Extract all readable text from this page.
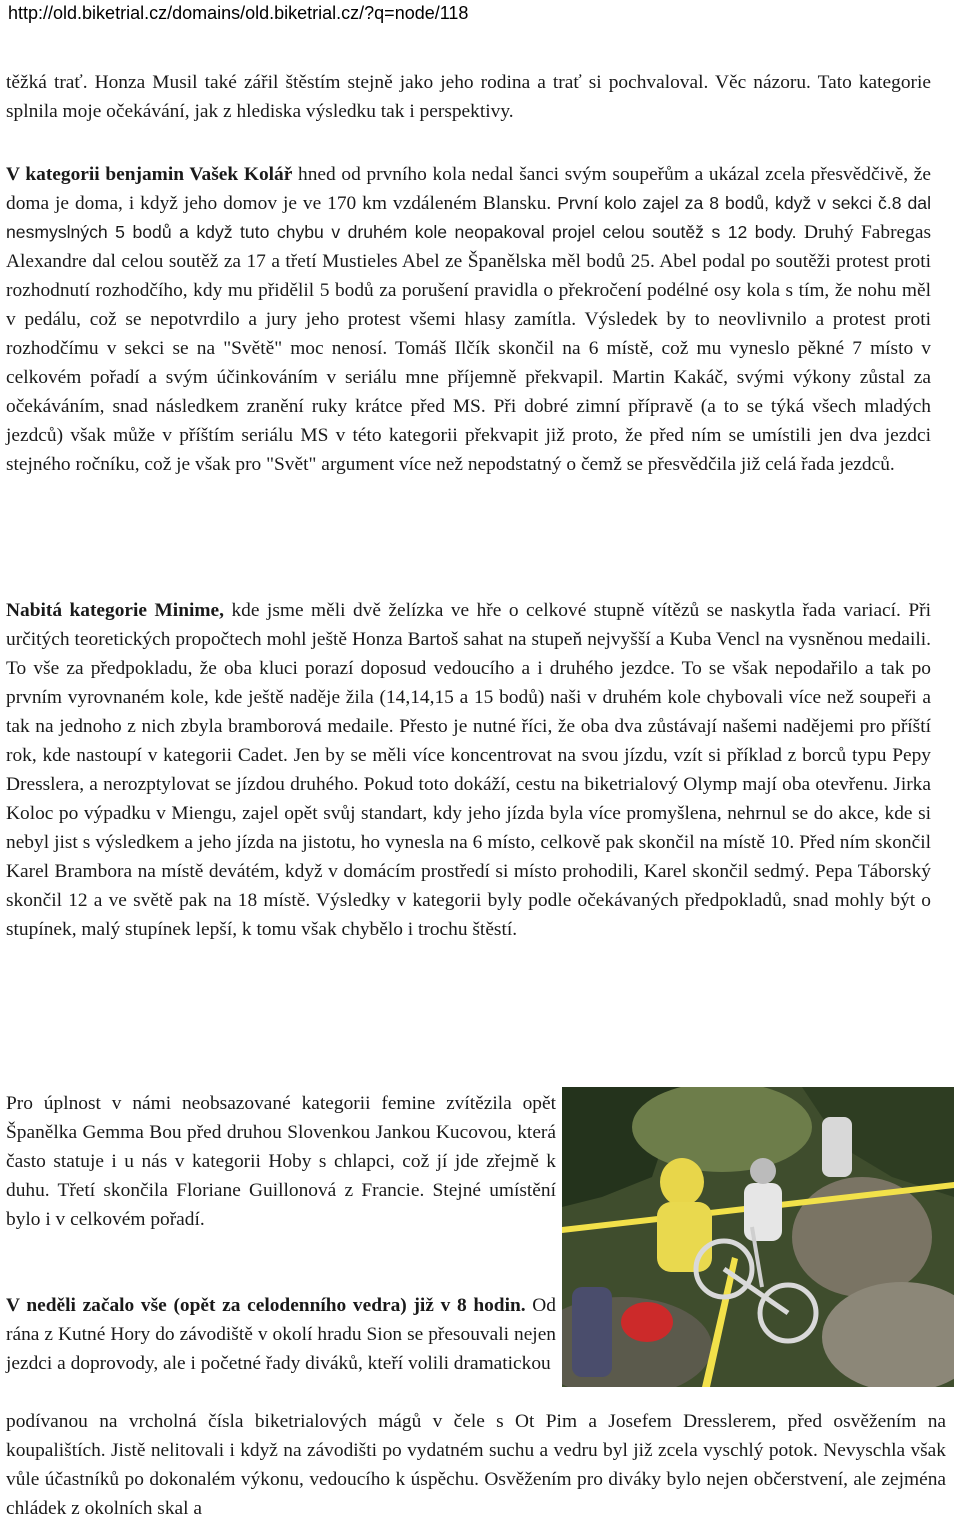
http://old.biketrial.cz/domains/old.biketrial.cz/?q=node/118

těžká trať. Honza Musil také zářil štěstím stejně jako jeho rodina a trať si pochvaloval. Věc názoru. Tato kategorie splnila moje očekávání, jak z hlediska výsledku tak i perspektivy.

V kategorii benjamin Vašek Kolář hned od prvního kola nedal šanci svým soupeřům a ukázal zcela přesvědčivě, že doma je doma, i když jeho domov je ve 170 km vzdáleném Blansku. První kolo zajel za 8 bodů, když v sekci č.8 dal nesmyslných 5 bodů a když tuto chybu v druhém kole neopakoval projel celou soutěž s 12 body. Druhý Fabregas Alexandre dal celou soutěž za 17 a třetí Mustieles Abel ze Španělska měl bodů 25. Abel podal po soutěži protest proti rozhodnutí rozhodčího, kdy mu přidělil 5 bodů za porušení pravidla o překročení podélné osy kola s tím, že nohu měl v pedálu, což se nepotvrdilo a jury jeho protest všemi hlasy zamítla. Výsledek by to neovlivnilo a protest proti rozhodčímu v sekci se na "Světě" moc nenosí. Tomáš Ilčík skončil na 6 místě, což mu vyneslo pěkné 7 místo v celkovém pořadí a svým účinkováním v seriálu mne příjemně překvapil. Martin Kakáč, svými výkony zůstal za očekáváním, snad následkem zranění ruky krátce před MS. Při dobré zimní přípravě (a to se týká všech mladých jezdců) však může v příštím seriálu MS v této kategorii překvapit již proto, že před ním se umístili jen dva jezdci stejného ročníku, což je však pro "Svět" argument více než nepodstatný o čemž se přesvědčila již celá řada jezdců.

Nabitá kategorie Minime, kde jsme měli dvě želízka ve hře o celkové stupně vítězů se naskytla řada variací. Při určitých teoretických propočtech mohl ještě Honza Bartoš sahat na stupeň nejvyšší a Kuba Vencl na vysněnou medaili. To vše za předpokladu, že oba kluci porazí doposud vedoucího a i druhého jezdce. To se však nepodařilo a tak po prvním vyrovnaném kole, kde ještě naděje žila (14,14,15 a 15 bodů) naši v druhém kole chybovali více než soupeři a tak na jednoho z nich zbyla bramborová medaile. Přesto je nutné říci, že oba dva zůstávají našemi nadějemi pro příští rok, kde nastoupí v kategorii Cadet. Jen by se měli více koncentrovat na svou jízdu, vzít si příklad z borců typu Pepy Dresslera, a nerozptylovat se jízdou druhého. Pokud toto dokáží, cestu na biketrialový Olymp mají oba otevřenu. Jirka Koloc po výpadku v Miengu, zajel opět svůj standart, kdy jeho jízda byla více promyšlena, nehrnul se do akce, kde si nebyl jist s výsledkem a jeho jízda na jistotu, ho vynesla na 6 místo, celkově pak skončil na místě 10. Před ním skončil Karel Brambora na místě devátém, když v domácím prostředí si místo prohodili, Karel skončil sedmý. Pepa Táborský skončil 12 a ve světě pak na 18 místě. Výsledky v kategorii byly podle očekávaných předpokladů, snad mohly být o stupínek, malý stupínek lepší, k tomu však chybělo i trochu štěstí.

Pro úplnost v námi neobsazované kategorii femine zvítězila opět Španělka Gemma Bou před druhou Slovenkou Jankou Kucovou, která často statuje i u nás v kategorii Hoby s chlapci, což jí jde zřejmě k duhu. Třetí skončila Floriane Guillonová z Francie. Stejné umístění bylo i v celkovém pořadí.

V neděli začalo vše (opět za celodenního vedra) již v 8 hodin. Od rána z Kutné Hory do závodiště v okolí hradu Sion se přesouvali nejen jezdci a doprovody, ale i početné řady diváků, kteří volili dramatickou

podívanou na vrcholná čísla biketrialových mágů v čele s Ot Pim a Josefem Dresslerem, před osvěžením na koupalištích. Jistě nelitovali i když na závodišti po vydatném suchu a vedru byl již zcela vyschlý potok. Nevyschla však vůle účastníků po dokonalém výkonu, vedoucího k úspěchu. Osvěžením pro diváky bylo nejen občerstvení, ale zejména chládek z okolních skal a
